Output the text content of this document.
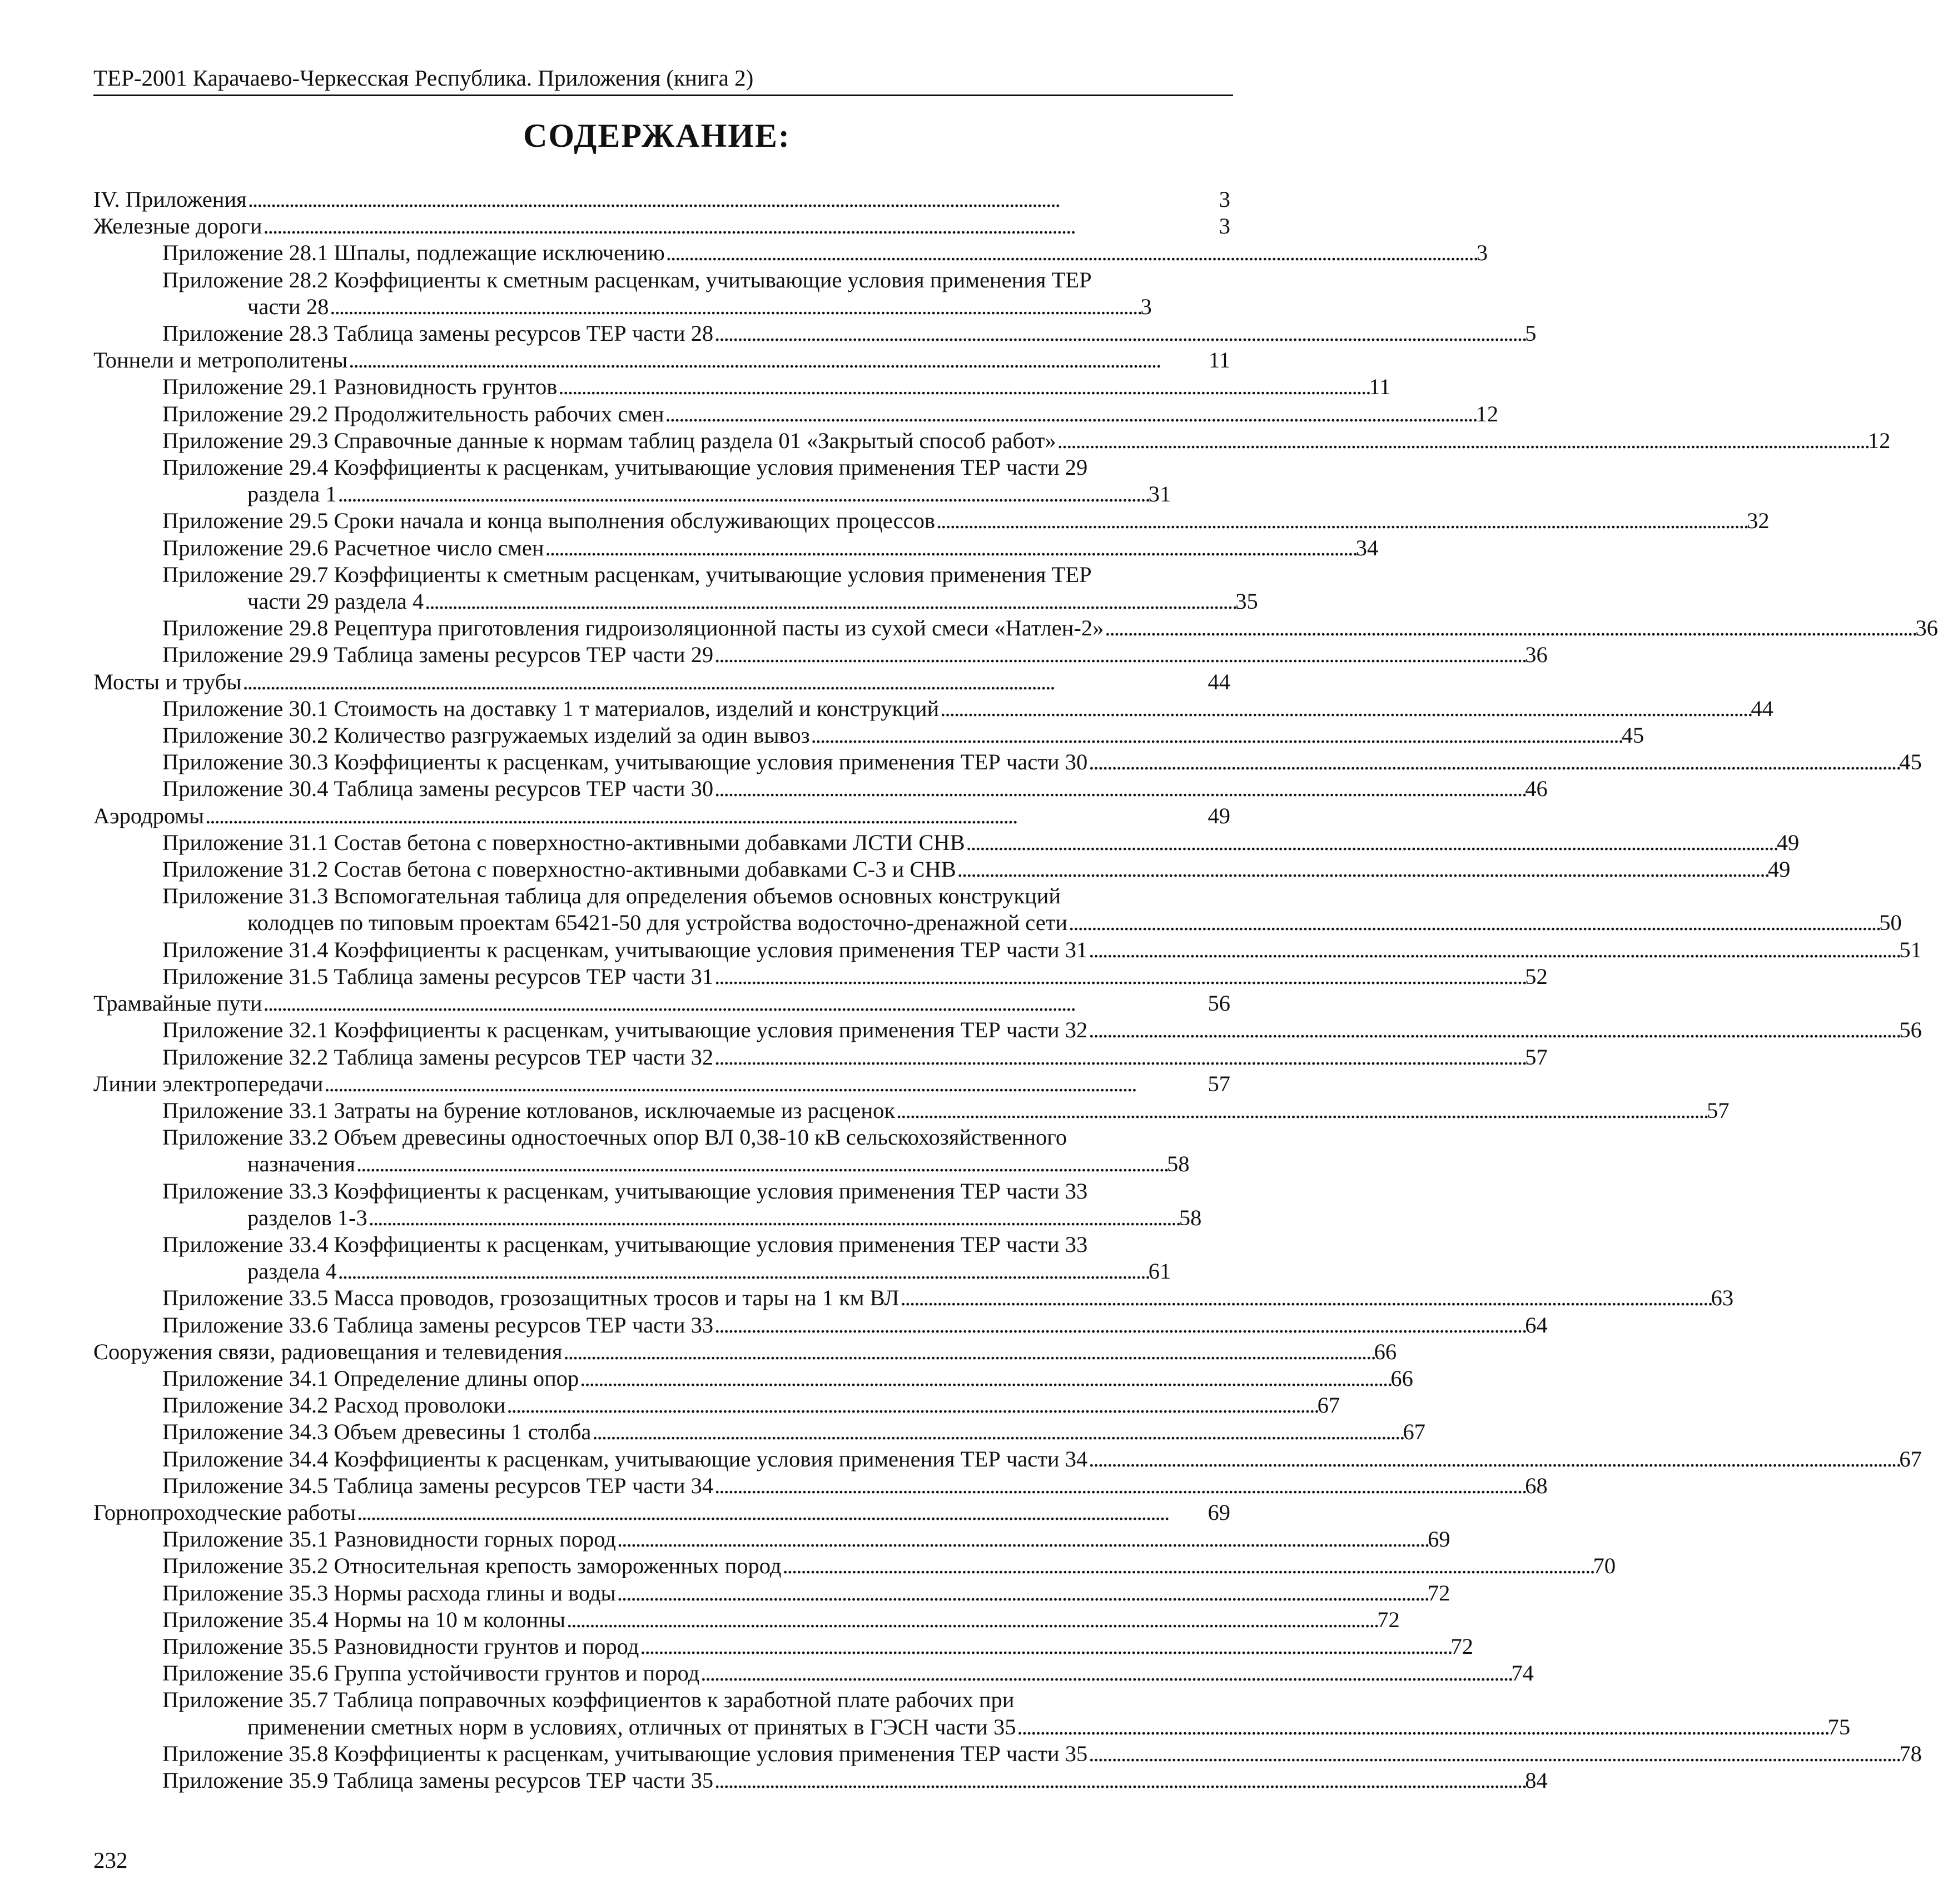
ТЕР-2001 Карачаево-Черкесская Республика. Приложения (книга 2)
СОДЕРЖАНИЕ:
IV. Приложения . . .	3
Железные дороги . . .	3
Приложение 28.1 Шпалы, подлежащие исключению . . .	3
Приложение 28.2 Коэффициенты к сметным расценкам, учитывающие условия применения ТЕР
части 28 . . .	3
Приложение 28.3 Таблица замены ресурсов ТЕР части 28 . . .	5
Тоннели и метрополитены . . .	11
Приложение 29.1 Разновидность грунтов . . .	11
Приложение 29.2 Продолжительность рабочих смен . . .	12
Приложение 29.3 Справочные данные к нормам таблиц раздела 01 «Закрытый способ работ» . . .	12
Приложение 29.4 Коэффициенты к расценкам, учитывающие условия применения ТЕР части 29
раздела 1 . . .	31
Приложение 29.5 Сроки начала и конца выполнения обслуживающих процессов . . .	32
Приложение 29.6 Расчетное число смен . . .	34
Приложение 29.7 Коэффициенты к сметным расценкам, учитывающие условия применения ТЕР
части 29 раздела 4 . . .	35
Приложение 29.8 Рецептура приготовления гидроизоляционной пасты из сухой смеси «Натлен-2» . . .	36
Приложение 29.9 Таблица замены ресурсов ТЕР части 29 . . .	36
Мосты и трубы . . .	44
Приложение 30.1 Стоимость на доставку 1 т материалов, изделий и конструкций . . .	44
Приложение 30.2 Количество разгружаемых изделий за один вывоз . . .	45
Приложение 30.3 Коэффициенты к расценкам, учитывающие условия применения ТЕР части 30 . . .	45
Приложение 30.4 Таблица замены ресурсов ТЕР части 30 . . .	46
Аэродромы . . .	49
Приложение 31.1 Состав бетона с поверхностно-активными добавками ЛСТИ СНВ . . .	49
Приложение 31.2 Состав бетона с поверхностно-активными добавками С-3 и СНВ . . .	49
Приложение 31.3 Вспомогательная таблица для определения объемов основных конструкций
колодцев по типовым проектам 65421-50 для устройства водосточно-дренажной сети . . .	50
Приложение 31.4 Коэффициенты к расценкам, учитывающие условия применения ТЕР части 31 . . .	51
Приложение 31.5 Таблица замены ресурсов ТЕР части 31 . . .	52
Трамвайные пути . . .	56
Приложение 32.1 Коэффициенты к расценкам, учитывающие условия применения ТЕР части 32 . . .	56
Приложение 32.2 Таблица замены ресурсов ТЕР части 32 . . .	57
Линии электропередачи . . .	57
Приложение 33.1 Затраты на бурение котлованов, исключаемые из расценок . . .	57
Приложение 33.2 Объем древесины одностоечных опор ВЛ 0,38-10 кВ сельскохозяйственного
назначения . . .	58
Приложение 33.3 Коэффициенты к расценкам, учитывающие условия применения ТЕР части 33
разделов 1-3 . . .	58
Приложение 33.4 Коэффициенты к расценкам, учитывающие условия применения ТЕР части 33
раздела 4 . . .	61
Приложение 33.5 Масса проводов, грозозащитных тросов и тары на 1 км ВЛ . . .	63
Приложение 33.6 Таблица замены ресурсов ТЕР части 33 . . .	64
Сооружения связи, радиовещания и телевидения . . .	66
Приложение 34.1 Определение длины опор . . .	66
Приложение 34.2 Расход проволоки . . .	67
Приложение 34.3 Объем древесины 1 столба . . .	67
Приложение 34.4 Коэффициенты к расценкам, учитывающие условия применения ТЕР части 34 . . .	67
Приложение 34.5 Таблица замены ресурсов ТЕР части 34 . . .	68
Горнопроходческие работы . . .	69
Приложение 35.1 Разновидности горных пород . . .	69
Приложение 35.2 Относительная крепость замороженных пород . . .	70
Приложение 35.3 Нормы расхода глины и воды . . .	72
Приложение 35.4 Нормы на 10 м колонны . . .	72
Приложение 35.5 Разновидности грунтов и пород . . .	72
Приложение 35.6 Группа устойчивости грунтов и пород . . .	74
Приложение 35.7 Таблица поправочных коэффициентов к заработной плате рабочих при
применении сметных норм в условиях, отличных от принятых в ГЭСН части 35 . . .	75
Приложение 35.8 Коэффициенты к расценкам, учитывающие условия применения ТЕР части 35 . . .	78
Приложение 35.9 Таблица замены ресурсов ТЕР части 35 . . .	84
232
